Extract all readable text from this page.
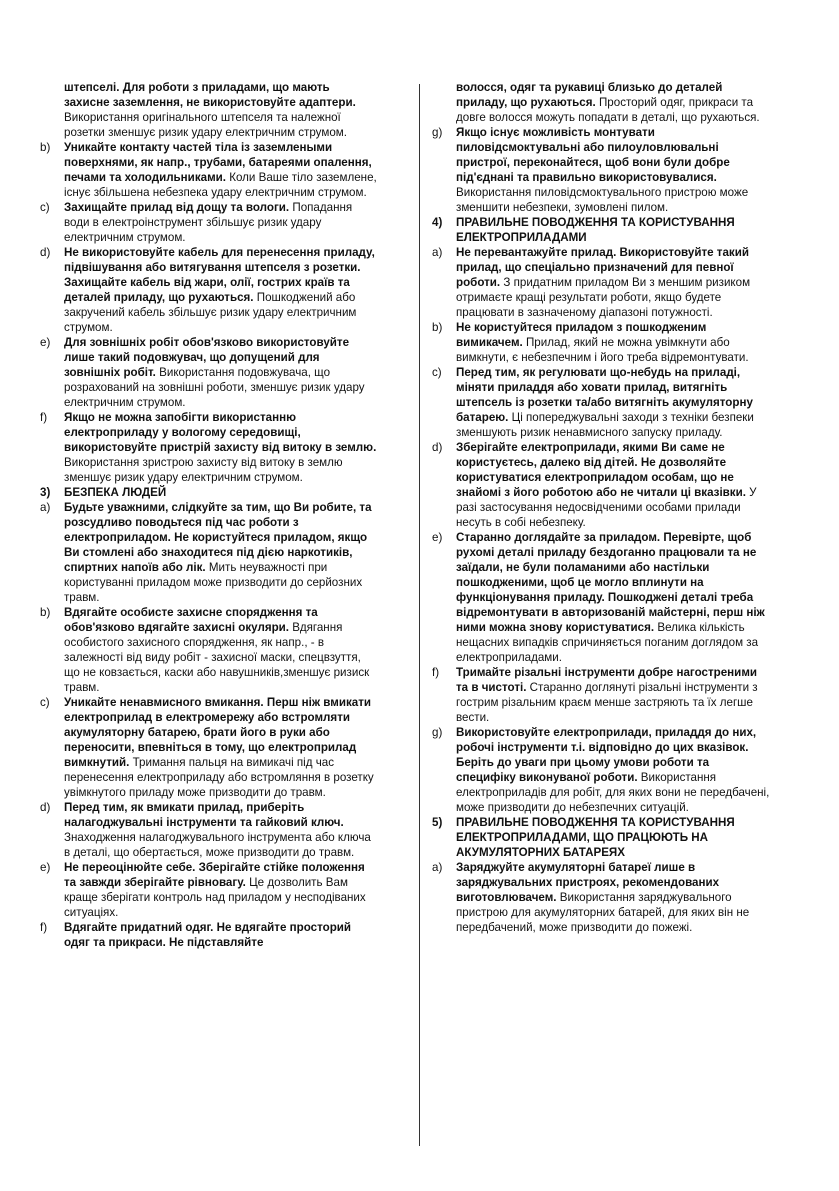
штепселі. Для роботи з приладами, що мають захисне заземлення, не використовуйте адаптери. Використання оригінального штепселя та належної розетки зменшує ризик удару електричним струмом.
b) Уникайте контакту частей тіла із заземлеными поверхнями, як напр., трубами, батареями опалення, печами та холодильниками. Коли Ваше тіло заземлене, існує збільшена небезпека удару електричним струмом.
c) Захищайте прилад від дощу та вологи. Попадання води в електроінструмент збільшує ризик удару електричним струмом.
d) Не використовуйте кабель для перенесення приладу, підвішування або витягування штепселя з розетки. Захищайте кабель від жари, олії, гострих країв та деталей приладу, що рухаються. Пошкоджений або закручений кабель збільшує ризик удару електричним струмом.
e) Для зовнішніх робіт обов'язково використовуйте лише такий подовжувач, що допущений для зовнішніх робіт. Використання подовжувача, що розрахований на зовнішні роботи, зменшує ризик удару електричним струмом.
f) Якщо не можна запобігти використанню електроприладу у вологому середовищі, використовуйте пристрій захисту від витоку в землю. Використання зристрою захисту від витоку в землю зменшує ризик удару електричним струмом.
3) БЕЗПЕКА ЛЮДЕЙ
a) Будьте уважними, слідкуйте за тим, що Ви робите, та розсудливо поводьтеся під час роботи з електроприладом. Не користуйтеся приладом, якщо Ви стомлені або знаходитеся під дією наркотиків, спиртних напоїв або лік. Мить неуважності при користуванні приладом може призводити до серйозних травм.
b) Вдягайте особисте захисне спорядження та обов'язково вдягайте захисні окуляри. Вдягання особистого захисного спорядження, як напр., - в залежності від виду робіт - захисної маски, спецвзуття, що не ковзається, каски або навушників,зменшує ризиск травм.
c) Уникайте ненавмисного вмикання. Перш ніж вмикати електроприлад в електромережу або встромляти акумуляторну батарею, брати його в руки або переносити, впевніться в тому, що електроприлад вимкнутий. Тримання пальця на вимикачі під час перенесення електроприладу або встромляння в розетку увімкнутого приладу може призводити до травм.
d) Перед тим, як вмикати прилад, приберіть налагоджувальні інструменти та гайковий ключ. Знаходження налагоджувального інструмента або ключа в деталі, що обертається, може призводити до травм.
e) Не переоцінюйте себе. Зберігайте стійке положення та завжди зберігайте рівновагу. Це дозволить Вам краще зберігати контроль над приладом у несподіваних ситуаціях.
f) Вдягайте придатний одяг. Не вдягайте просторий одяг та прикраси. Не підставляйте
волосся, одяг та рукавиці близько до деталей приладу, що рухаються. Просторий одяг, прикраси та довге волосся можуть попадати в деталі, що рухаються.
g) Якщо існує можливість монтувати пиловідсмоктувальні або пилоуловлювальні пристрої, переконайтеся, щоб вони були добре під'єднані та правильно використовувалися. Використання пиловідсмоктувального пристрою може зменшити небезпеки, зумовлені пилом.
4) ПРАВИЛЬНЕ ПОВОДЖЕННЯ ТА КОРИСТУВАННЯ ЕЛЕКТРОПРИЛАДАМИ
a) Не перевантажуйте прилад. Використовуйте такий прилад, що спеціально призначений для певної роботи. З придатним приладом Ви з меншим ризиком отримаєте кращі результати роботи, якщо будете працювати в зазначеному діапазоні потужності.
b) Не користуйтеся приладом з пошкодженим вимикачем. Прилад, який не можна увімкнути або вимкнути, є небезпечним і його треба відремонтувати.
c) Перед тим, як регулювати що-небудь на приладі, міняти приладдя або ховати прилад, витягніть штепсель із розетки та/або витягніть акумуляторну батарею. Ці попереджувальні заходи з техніки безпеки зменшують ризик ненавмисного запуску приладу.
d) Зберігайте електроприлади, якими Ви саме не користуєтесь, далеко від дітей. Не дозволяйте користуватися електроприладом особам, що не знайомі з його роботою або не читали ці вказівки. У разі застосування недосвідченими особами прилади несуть в собі небезпеку.
e) Старанно доглядайте за приладом. Перевірте, щоб рухомі деталі приладу бездоганно працювали та не заїдали, не були поламаними або настільки пошкодженими, щоб це могло вплинути на функціонування приладу. Пошкоджені деталі треба відремонтувати в авторизованій майстерні, перш ніж ними можна знову користуватися. Велика кількість нещасних випадків спричиняється поганим доглядом за електроприладами.
f) Тримайте різальні інструменти добре нагостреними та в чистоті. Старанно доглянуті різальні інструменти з гострим різальним краєм менше застряють та їх легше вести.
g) Використовуйте електроприлади, приладдя до них, робочі інструменти т.і. відповідно до цих вказівок. Беріть до уваги при цьому умови роботи та специфіку виконуваної роботи. Використання електроприладів для робіт, для яких вони не передбачені, може призводити до небезпечних ситуацій.
5) ПРАВИЛЬНЕ ПОВОДЖЕННЯ ТА КОРИСТУВАННЯ ЕЛЕКТРОПРИЛАДАМИ, ЩО ПРАЦЮЮТЬ НА АКУМУЛЯТОРНИХ БАТАРЕЯХ
a) Заряджуйте акумуляторні батареї лише в заряджувальних пристроях, рекомендованих виготовлювачем. Використання заряджувального пристрою для акумуляторних батарей, для яких він не передбачений, може призводити до пожежі.
